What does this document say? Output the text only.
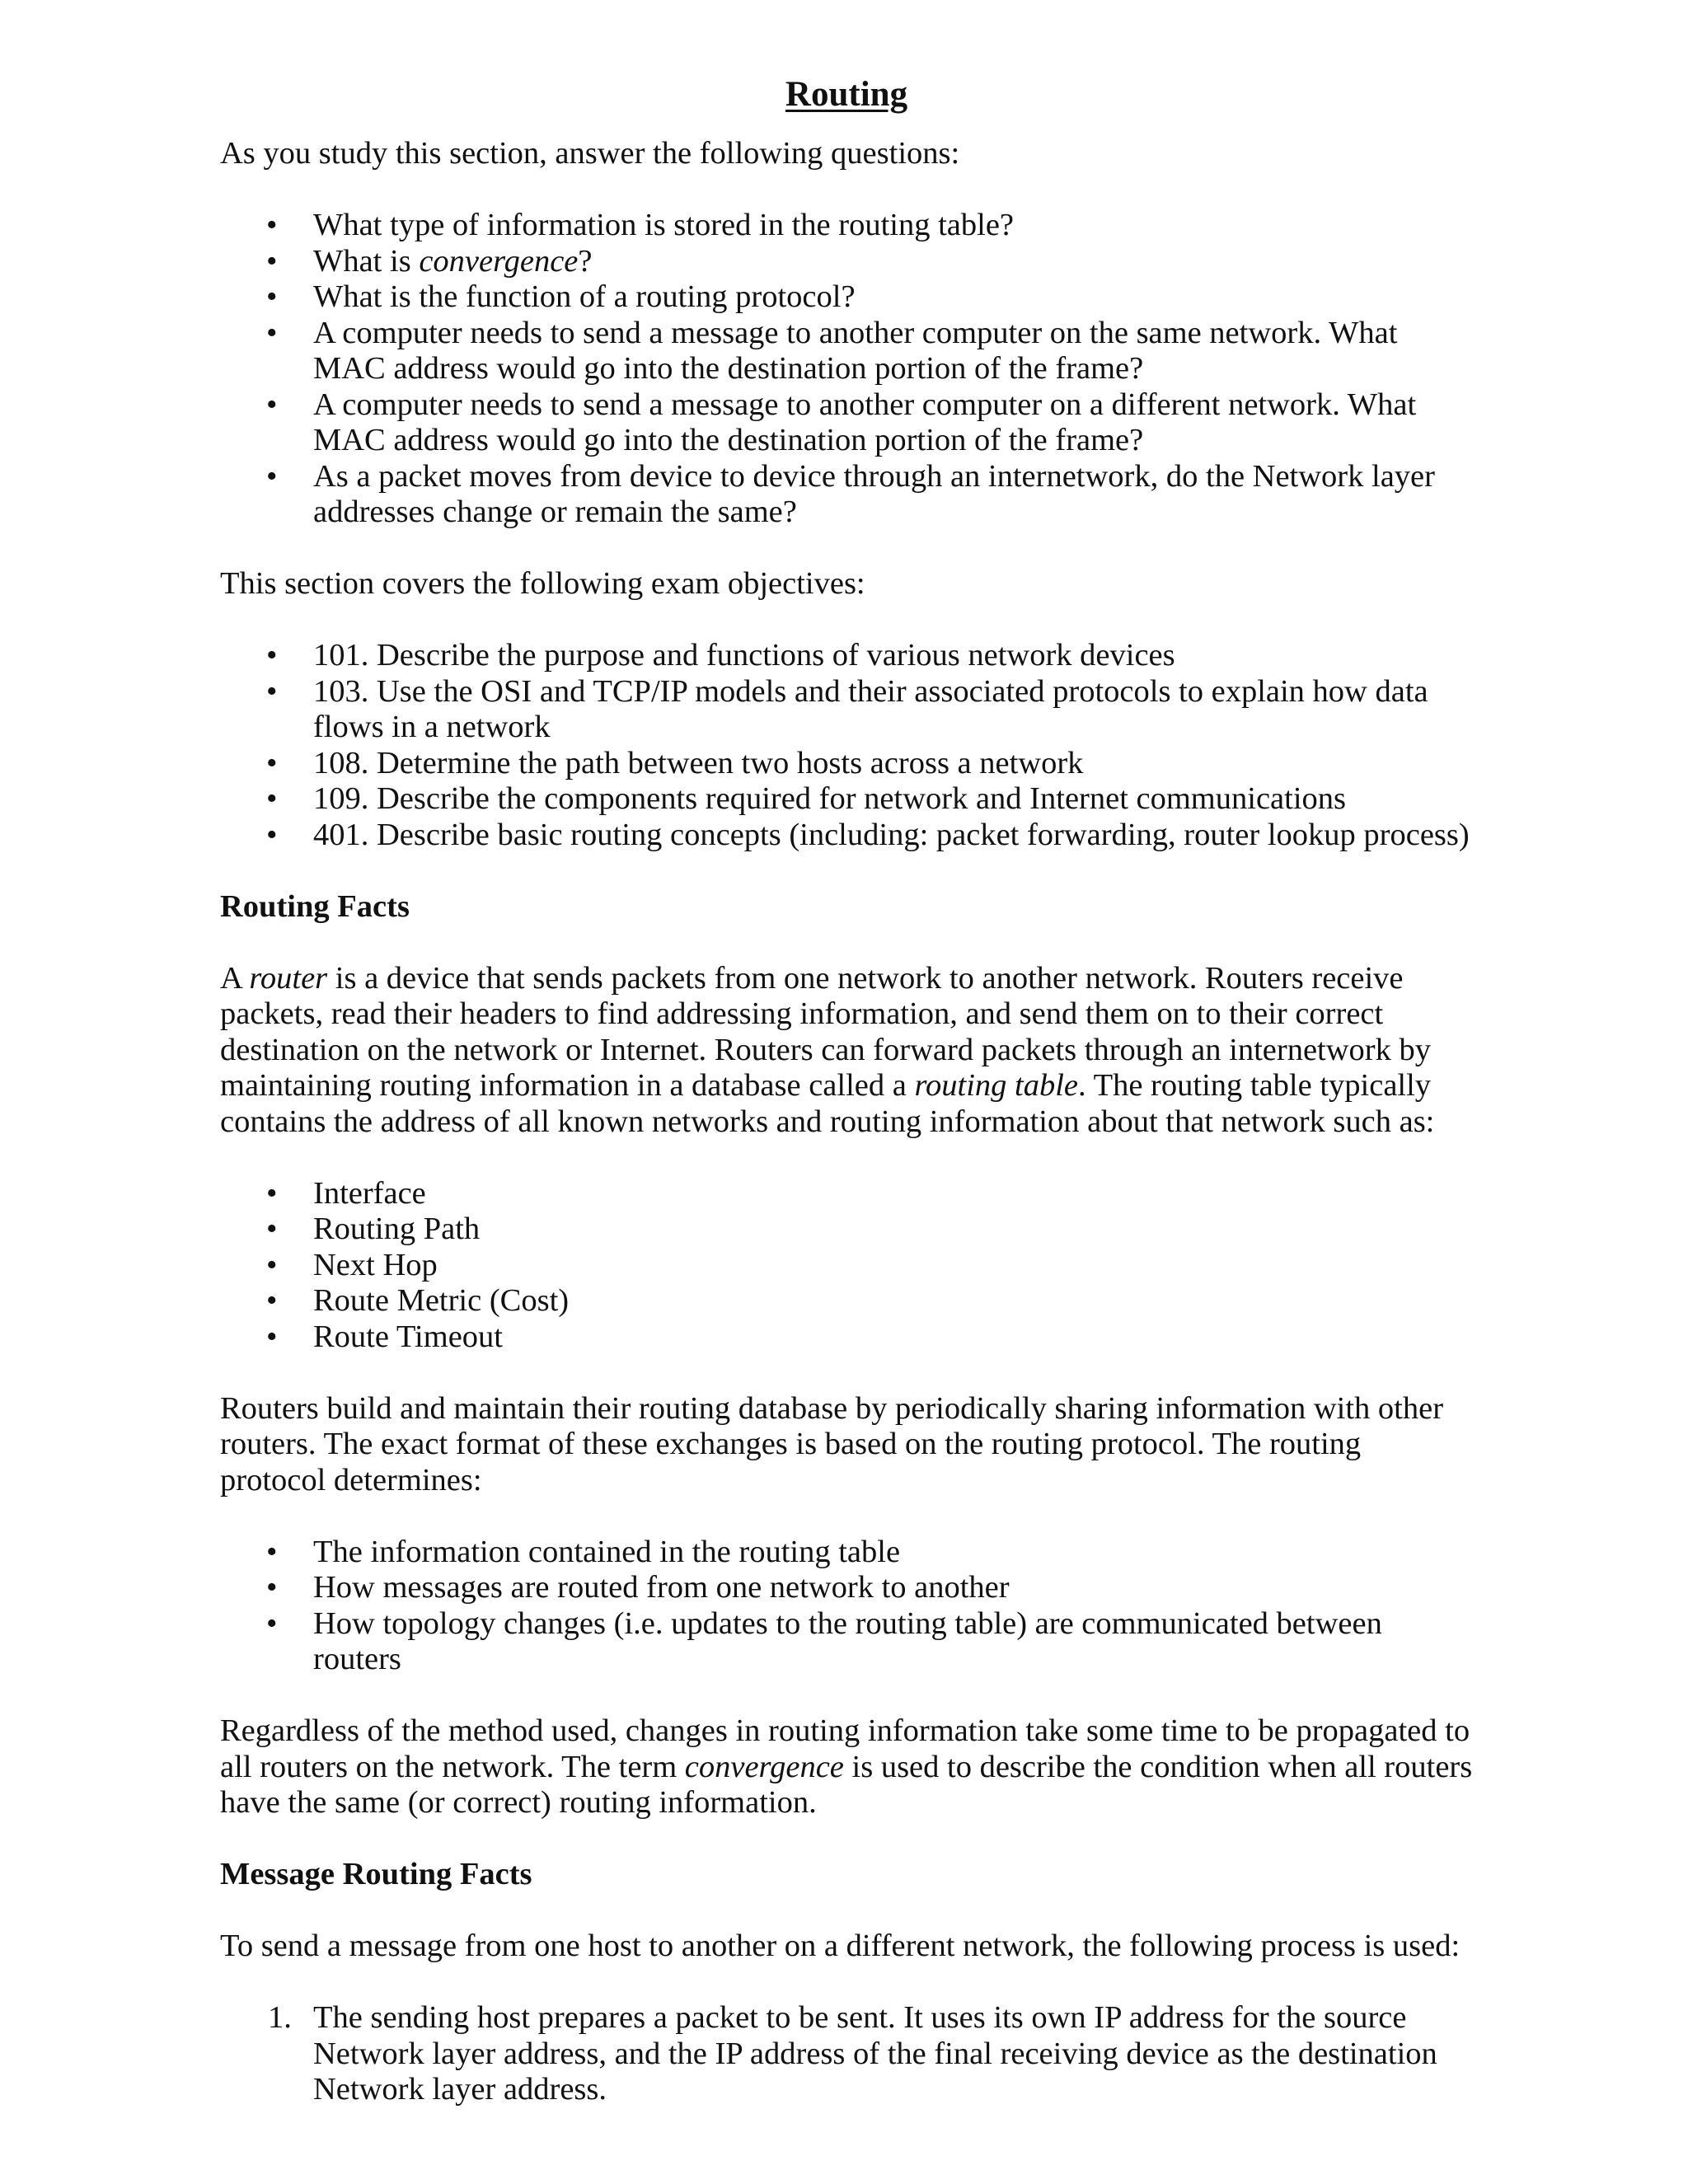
Routing

As you study this section, answer the following questions:

• What type of information is stored in the routing table?
• What is convergence?
• What is the function of a routing protocol?
• A computer needs to send a message to another computer on the same network. What MAC address would go into the destination portion of the frame?
• A computer needs to send a message to another computer on a different network. What MAC address would go into the destination portion of the frame?
• As a packet moves from device to device through an internetwork, do the Network layer addresses change or remain the same?

This section covers the following exam objectives:

• 101. Describe the purpose and functions of various network devices
• 103. Use the OSI and TCP/IP models and their associated protocols to explain how data flows in a network
• 108. Determine the path between two hosts across a network
• 109. Describe the components required for network and Internet communications
• 401. Describe basic routing concepts (including: packet forwarding, router lookup process)
Routing Facts

A router is a device that sends packets from one network to another network. Routers receive packets, read their headers to find addressing information, and send them on to their correct destination on the network or Internet. Routers can forward packets through an internetwork by maintaining routing information in a database called a routing table. The routing table typically contains the address of all known networks and routing information about that network such as:

• Interface
• Routing Path
• Next Hop
• Route Metric (Cost)
• Route Timeout

Routers build and maintain their routing database by periodically sharing information with other routers. The exact format of these exchanges is based on the routing protocol. The routing protocol determines:

• The information contained in the routing table
• How messages are routed from one network to another
• How topology changes (i.e. updates to the routing table) are communicated between routers

Regardless of the method used, changes in routing information take some time to be propagated to all routers on the network. The term convergence is used to describe the condition when all routers have the same (or correct) routing information.

Message Routing Facts

To send a message from one host to another on a different network, the following process is used:

1. The sending host prepares a packet to be sent. It uses its own IP address for the source Network layer address, and the IP address of the final receiving device as the destination Network layer address.
